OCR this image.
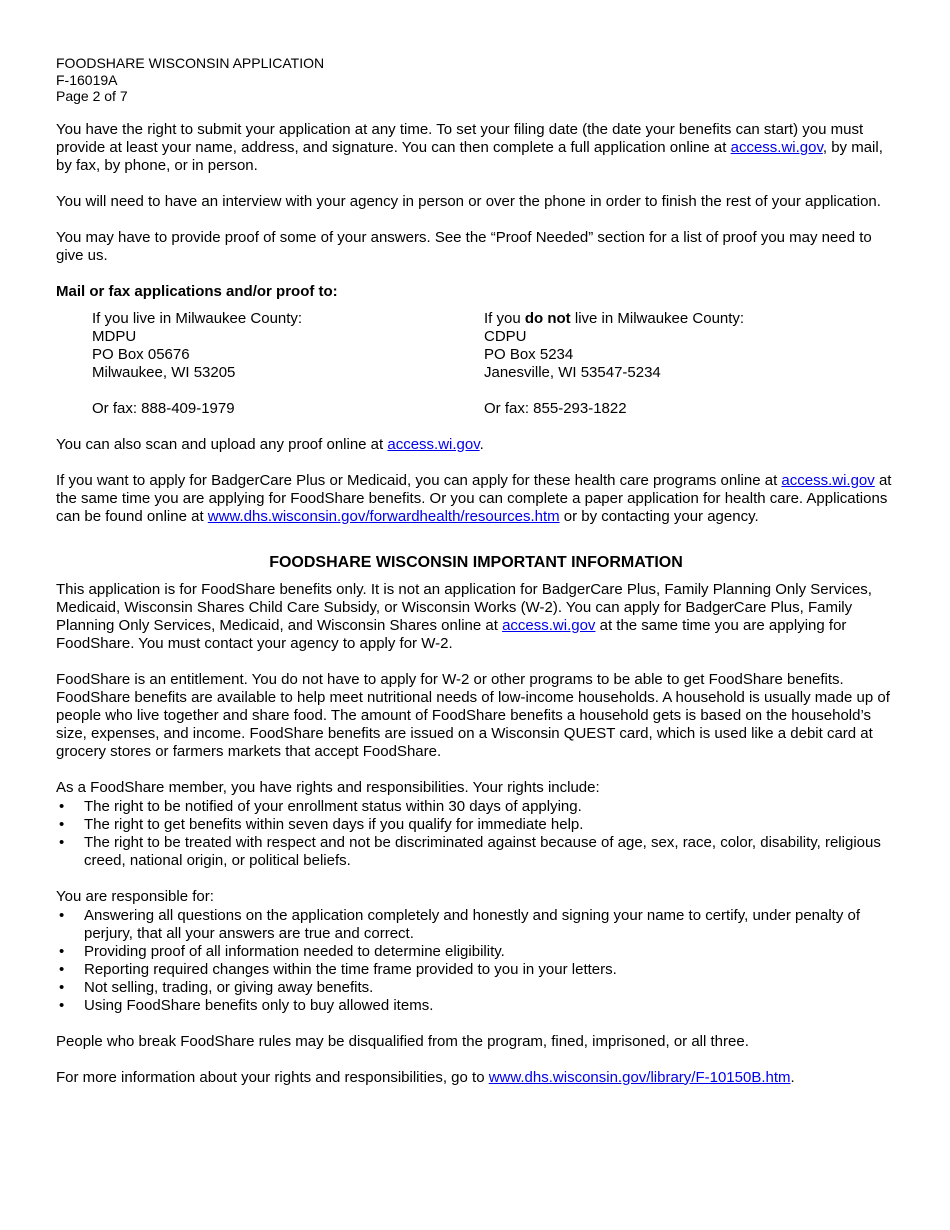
FOODSHARE WISCONSIN APPLICATION
F-16019A
Page 2 of 7

You have the right to submit your application at any time. To set your filing date (the date your benefits can start) you must provide at least your name, address, and signature. You can then complete a full application online at access.wi.gov, by mail, by fax, by phone, or in person.

You will need to have an interview with your agency in person or over the phone in order to finish the rest of your application.

You may have to provide proof of some of your answers. See the “Proof Needed” section for a list of proof you may need to give us.

Mail or fax applications and/or proof to:

If you live in Milwaukee County:
MDPU
PO Box 05676
Milwaukee, WI 53205
Or fax: 888-409-1979
If you do not live in Milwaukee County:
CDPU
PO Box 5234
Janesville, WI 53547-5234
Or fax: 855-293-1822

You can also scan and upload any proof online at access.wi.gov.

If you want to apply for BadgerCare Plus or Medicaid, you can apply for these health care programs online at access.wi.gov at the same time you are applying for FoodShare benefits. Or you can complete a paper application for health care. Applications can be found online at www.dhs.wisconsin.gov/forwardhealth/resources.htm or by contacting your agency.

FOODSHARE WISCONSIN IMPORTANT INFORMATION

This application is for FoodShare benefits only. It is not an application for BadgerCare Plus, Family Planning Only Services, Medicaid, Wisconsin Shares Child Care Subsidy, or Wisconsin Works (W-2). You can apply for BadgerCare Plus, Family Planning Only Services, Medicaid, and Wisconsin Shares online at access.wi.gov at the same time you are applying for FoodShare. You must contact your agency to apply for W-2.

FoodShare is an entitlement. You do not have to apply for W-2 or other programs to be able to get FoodShare benefits. FoodShare benefits are available to help meet nutritional needs of low-income households. A household is usually made up of people who live together and share food. The amount of FoodShare benefits a household gets is based on the household’s size, expenses, and income. FoodShare benefits are issued on a Wisconsin QUEST card, which is used like a debit card at grocery stores or farmers markets that accept FoodShare.

As a FoodShare member, you have rights and responsibilities. Your rights include:

• The right to be notified of your enrollment status within 30 days of applying.
• The right to get benefits within seven days if you qualify for immediate help.
• The right to be treated with respect and not be discriminated against because of age, sex, race, color, disability, religious creed, national origin, or political beliefs.

You are responsible for:

• Answering all questions on the application completely and honestly and signing your name to certify, under penalty of perjury, that all your answers are true and correct.
• Providing proof of all information needed to determine eligibility.
• Reporting required changes within the time frame provided to you in your letters.
• Not selling, trading, or giving away benefits.
• Using FoodShare benefits only to buy allowed items.

People who break FoodShare rules may be disqualified from the program, fined, imprisoned, or all three.

For more information about your rights and responsibilities, go to www.dhs.wisconsin.gov/library/F-10150B.htm.
